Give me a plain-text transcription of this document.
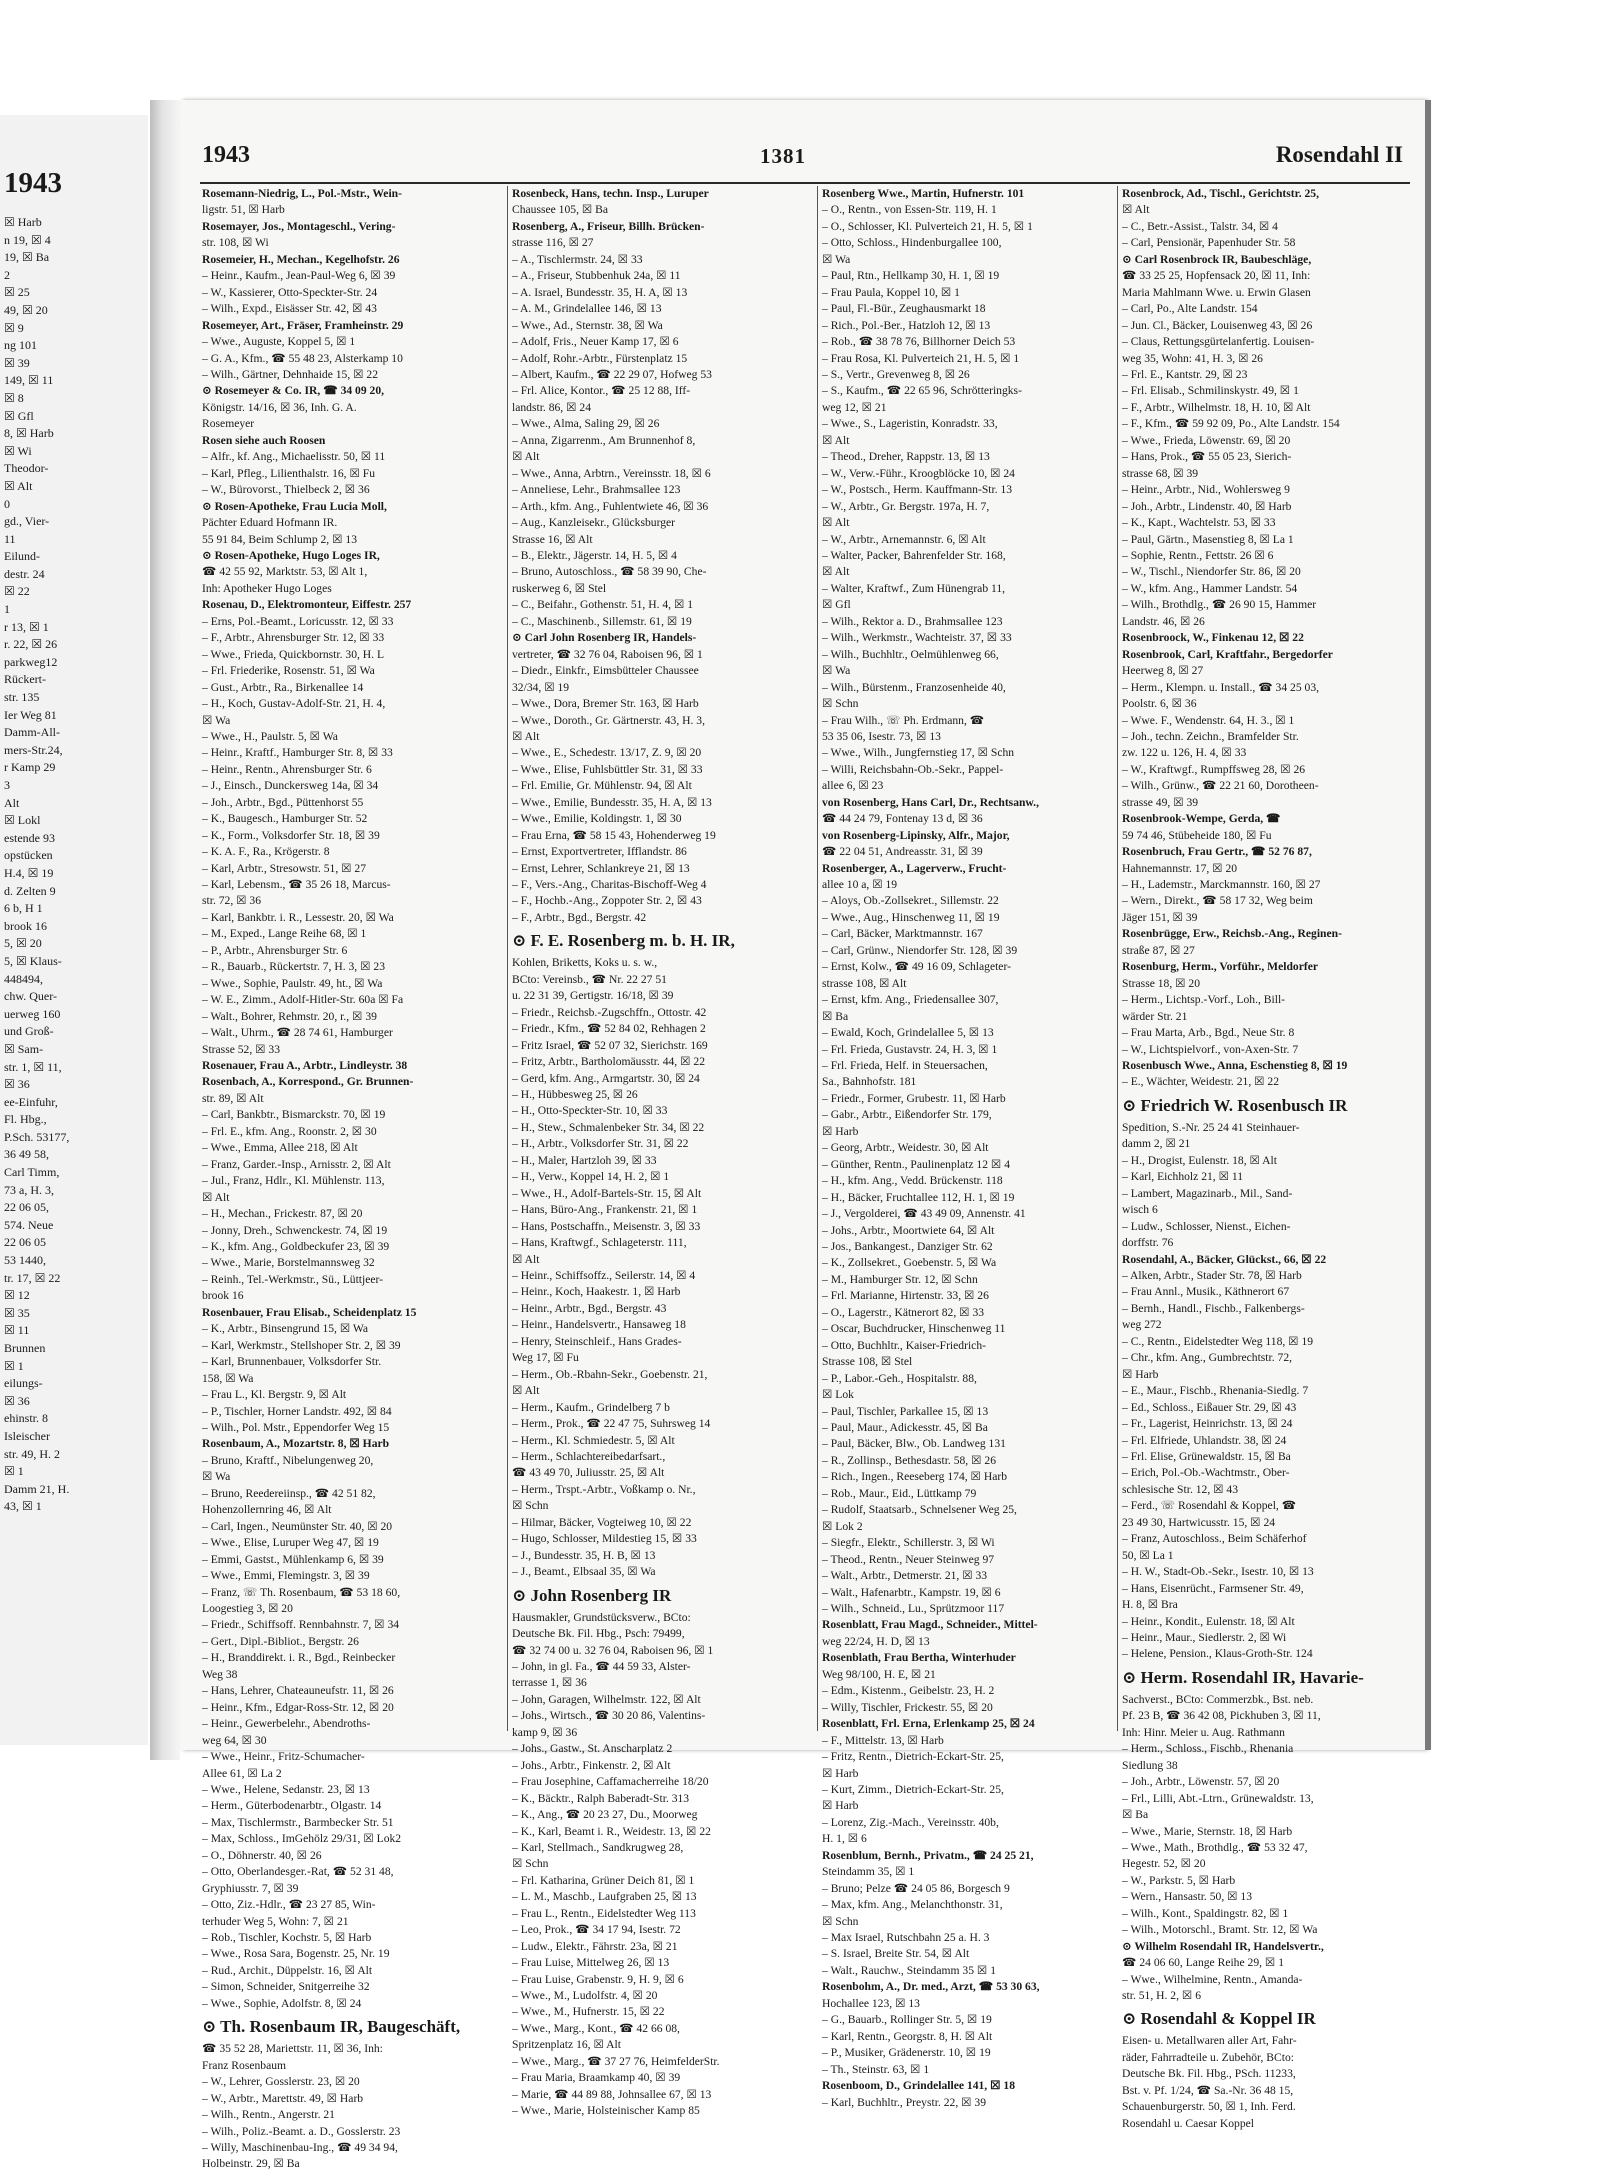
1943
☒ Harb
n 19, ☒ 4
19, ☒ Ba
2
☒ 25
49, ☒ 20
☒ 9
ng 101
☒ 39
149, ☒ 11
☒ 8
☒ Gfl
8, ☒ Harb
☒ Wi
Theodor-
☒ Alt
0
gd., Vier-
11
Eilund-
destr. 24
☒ 22
1
r 13, ☒ 1
r. 22, ☒ 26
parkweg12
Rückert-
str. 135
Ier Weg 81
Damm-All-
mers-Str.24,
r Kamp 29
3
Alt
☒ Lokl
estende 93
opstücken
H.4, ☒ 19
d. Zelten 9
6 b, H 1
brook 16
5, ☒ 20
5, ☒ Klaus-
448494,
chw. Quer-
uerweg 160
und Groß-
☒ Sam-
str. 1, ☒ 11,
☒ 36
ee-Einfuhr,
Fl. Hbg.,
P.Sch. 53177,
36 49 58,
Carl Timm,
73 a, H. 3,
22 06 05,
574. Neue
22 06 05
53 1440,
tr. 17, ☒ 22
☒ 12
☒ 35
☒ 11
Brunnen
☒ 1
eilungs-
☒ 36
ehinstr. 8
Isleischer
str. 49, H. 2
☒ 1
Damm 21, H.
43, ☒ 1
1943	1381	Rosendahl II
Rosemann-Niedrig, L., Pol.-Mstr., Wein-
ligstr. 51, ☒ Harb
Rosemayer, Jos., Montageschl., Vering-
str. 108, ☒ Wi
Rosemeier, H., Mechan., Kegelhofstr. 26
– Heinr., Kaufm., Jean-Paul-Weg 6, ☒ 39
– W., Kassierer, Otto-Speckter-Str. 24
– Wilh., Expd., Eisässer Str. 42, ☒ 43
Rosemeyer, Art., Fräser, Framheinstr. 29
– Wwe., Auguste, Koppel 5, ☒ 1
– G. A., Kfm., ☎ 55 48 23, Alsterkamp 10
– Wilh., Gärtner, Dehnhaide 15, ☒ 22
⊙ Rosemeyer & Co. IR, ☎ 34 09 20,
Königstr. 14/16, ☒ 36, Inh. G. A.
Rosemeyer
Rosen siehe auch Roosen
– Alfr., kf. Ang., Michaelisstr. 50, ☒ 11
– Karl, Pfleg., Lilienthalstr. 16, ☒ Fu
– W., Bürovorst., Thielbeck 2, ☒ 36
⊙ Rosen-Apotheke, Frau Lucia Moll,
Pächter Eduard Hofmann IR.
55 91 84, Beim Schlump 2, ☒ 13
⊙ Rosen-Apotheke, Hugo Loges IR,
☎ 42 55 92, Marktstr. 53, ☒ Alt 1,
Inh: Apotheker Hugo Loges
Rosenau, D., Elektromonteur, Eiffestr. 257
– Erns, Pol.-Beamt., Loricusstr. 12, ☒ 33
– F., Arbtr., Ahrensburger Str. 12, ☒ 33
– Wwe., Frieda, Quickbornstr. 30, H. L
– Frl. Friederike, Rosenstr. 51, ☒ Wa
– Gust., Arbtr., Ra., Birkenallee 14
– H., Koch, Gustav-Adolf-Str. 21, H. 4,
☒ Wa
– Wwe., H., Paulstr. 5, ☒ Wa
– Heinr., Kraftf., Hamburger Str. 8, ☒ 33
– Heinr., Rentn., Ahrensburger Str. 6
– J., Einsch., Dunckersweg 14a, ☒ 34
– Joh., Arbtr., Bgd., Püttenhorst 55
– K., Baugesch., Hamburger Str. 52
– K., Form., Volksdorfer Str. 18, ☒ 39
– K. A. F., Ra., Krögerstr. 8
– Karl, Arbtr., Stresowstr. 51, ☒ 27
– Karl, Lebensm., ☎ 35 26 18, Marcus-
str. 72, ☒ 36
– Karl, Bankbtr. i. R., Lessestr. 20, ☒ Wa
– M., Exped., Lange Reihe 68, ☒ 1
– P., Arbtr., Ahrensburger Str. 6
– R., Bauarb., Rückertstr. 7, H. 3, ☒ 23
– Wwe., Sophie, Paulstr. 49, ht., ☒ Wa
– W. E., Zimm., Adolf-Hitler-Str. 60a ☒ Fa
– Walt., Bohrer, Rehmstr. 20, r., ☒ 39
– Walt., Uhrm., ☎ 28 74 61, Hamburger
Strasse 52, ☒ 33
Rosenauer, Frau A., Arbtr., Lindleystr. 38
Rosenbach, A., Korrespond., Gr. Brunnen-
str. 89, ☒ Alt
– Carl, Bankbtr., Bismarckstr. 70, ☒ 19
– Frl. E., kfm. Ang., Roonstr. 2, ☒ 30
– Wwe., Emma, Allee 218, ☒ Alt
– Franz, Garder.-Insp., Arnisstr. 2, ☒ Alt
– Jul., Franz, Hdlr., Kl. Mühlenstr. 113,
☒ Alt
– H., Mechan., Frickestr. 87, ☒ 20
– Jonny, Dreh., Schwenckestr. 74, ☒ 19
– K., kfm. Ang., Goldbeckufer 23, ☒ 39
– Wwe., Marie, Borstelmannsweg 32
– Reinh., Tel.-Werkmstr., Sü., Lüttjeer-
brook 16
Rosenbauer, Frau Elisab., Scheidenplatz 15
– K., Arbtr., Binsengrund 15, ☒ Wa
– Karl, Werkmstr., Stellshoper Str. 2, ☒ 39
– Karl, Brunnenbauer, Volksdorfer Str.
158, ☒ Wa
– Frau L., Kl. Bergstr. 9, ☒ Alt
– P., Tischler, Horner Landstr. 492, ☒ 84
– Wilh., Pol. Mstr., Eppendorfer Weg 15
Rosenbaum, A., Mozartstr. 8, ☒ Harb
– Bruno, Kraftf., Nibelungenweg 20,
☒ Wa
– Bruno, Reedereiinsp., ☎ 42 51 82,
Hohenzollernring 46, ☒ Alt
– Carl, Ingen., Neumünster Str. 40, ☒ 20
– Wwe., Elise, Luruper Weg 47, ☒ 19
– Emmi, Gastst., Mühlenkamp 6, ☒ 39
– Wwe., Emmi, Flemingstr. 3, ☒ 39
– Franz, ☏ Th. Rosenbaum, ☎ 53 18 60,
Loogestieg 3, ☒ 20
– Friedr., Schiffsoff. Rennbahnstr. 7, ☒ 34
– Gert., Dipl.-Bibliot., Bergstr. 26
– H., Branddirekt. i. R., Bgd., Reinbecker
Weg 38
– Hans, Lehrer, Chateauneufstr. 11, ☒ 26
– Heinr., Kfm., Edgar-Ross-Str. 12, ☒ 20
– Heinr., Gewerbelehr., Abendroths-
weg 64, ☒ 30
– Wwe., Heinr., Fritz-Schumacher-
Allee 61, ☒ La 2
– Wwe., Helene, Sedanstr. 23, ☒ 13
– Herm., Güterbodenarbtr., Olgastr. 14
– Max, Tischlermstr., Barmbecker Str. 51
– Max, Schloss., ImGehölz 29/31, ☒ Lok2
– O., Döhnerstr. 40, ☒ 26
– Otto, Oberlandesger.-Rat, ☎ 52 31 48,
Gryphiusstr. 7, ☒ 39
– Otto, Ziz.-Hdlr., ☎ 23 27 85, Win-
terhuder Weg 5, Wohn: 7, ☒ 21
– Rob., Tischler, Kochstr. 5, ☒ Harb
– Wwe., Rosa Sara, Bogenstr. 25, Nr. 19
– Rud., Archit., Düppelstr. 16, ☒ Alt
– Simon, Schneider, Snitgerreihe 32
– Wwe., Sophie, Adolfstr. 8, ☒ 24
⊙ Th. Rosenbaum IR, Baugeschäft,
☎ 35 52 28, Mariettstr. 11, ☒ 36, Inh:
Franz Rosenbaum
– W., Lehrer, Gosslerstr. 23, ☒ 20
– W., Arbtr., Marettstr. 49, ☒ Harb
– Wilh., Rentn., Angerstr. 21
– Wilh., Poliz.-Beamt. a. D., Gosslerstr. 23
– Willy, Maschinenbau-Ing., ☎ 49 34 94,
Holbeinstr. 29, ☒ Ba
Rosenbeck, Hans, techn. Insp., Luruper
Chaussee 105, ☒ Ba
Rosenberg, A., Friseur, Billh. Brücken-
strasse 116, ☒ 27
– A., Tischlermstr. 24, ☒ 33
– A., Friseur, Stubbenhuk 24a, ☒ 11
– A. Israel, Bundesstr. 35, H. A, ☒ 13
– A. M., Grindelallee 146, ☒ 13
– Wwe., Ad., Sternstr. 38, ☒ Wa
– Adolf, Fris., Neuer Kamp 17, ☒ 6
– Adolf, Rohr.-Arbtr., Fürstenplatz 15
– Albert, Kaufm., ☎ 22 29 07, Hofweg 53
– Frl. Alice, Kontor., ☎ 25 12 88, Iff-
landstr. 86, ☒ 24
– Wwe., Alma, Saling 29, ☒ 26
– Anna, Zigarrenm., Am Brunnenhof 8,
☒ Alt
– Wwe., Anna, Arbtrn., Vereinsstr. 18, ☒ 6
– Anneliese, Lehr., Brahmsallee 123
– Arth., kfm. Ang., Fuhlentwiete 46, ☒ 36
– Aug., Kanzleisekr., Glücksburger
Strasse 16, ☒ Alt
– B., Elektr., Jägerstr. 14, H. 5, ☒ 4
– Bruno, Autoschloss., ☎ 58 39 90, Che-
ruskerweg 6, ☒ Stel
– C., Beifahr., Gothenstr. 51, H. 4, ☒ 1
– C., Maschinenb., Sillemstr. 61, ☒ 19
⊙ Carl John Rosenberg IR, Handels-
vertreter, ☎ 32 76 04, Raboisen 96, ☒ 1
– Diedr., Einkfr., Eimsbütteler Chaussee
32/34, ☒ 19
– Wwe., Dora, Bremer Str. 163, ☒ Harb
– Wwe., Doroth., Gr. Gärtnerstr. 43, H. 3,
☒ Alt
– Wwe., E., Schedestr. 13/17, Z. 9, ☒ 20
– Wwe., Elise, Fuhlsbüttler Str. 31, ☒ 33
– Frl. Emilie, Gr. Mühlenstr. 94, ☒ Alt
– Wwe., Emilie, Bundesstr. 35, H. A, ☒ 13
– Wwe., Emilie, Koldingstr. 1, ☒ 30
– Frau Erna, ☎ 58 15 43, Hohenderweg 19
– Ernst, Exportvertreter, Ifflandstr. 86
– Ernst, Lehrer, Schlankreye 21, ☒ 13
– F., Vers.-Ang., Charitas-Bischoff-Weg 4
– F., Hochb.-Ang., Zoppoter Str. 2, ☒ 43
– F., Arbtr., Bgd., Bergstr. 42
⊙ F. E. Rosenberg m. b. H. IR,
Kohlen, Briketts, Koks u. s. w.,
BCto: Vereinsb., ☎ Nr. 22 27 51
u. 22 31 39, Gertigstr. 16/18, ☒ 39
– Friedr., Reichsb.-Zugschffn., Ottostr. 42
– Friedr., Kfm., ☎ 52 84 02, Rehhagen 2
– Fritz Israel, ☎ 52 07 32, Sierichstr. 169
– Fritz, Arbtr., Bartholomäusstr. 44, ☒ 22
– Gerd, kfm. Ang., Armgartstr. 30, ☒ 24
– H., Hübbesweg 25, ☒ 26
– H., Otto-Speckter-Str. 10, ☒ 33
– H., Stew., Schmalenbeker Str. 34, ☒ 22
– H., Arbtr., Volksdorfer Str. 31, ☒ 22
– H., Maler, Hartzloh 39, ☒ 33
– H., Verw., Koppel 14, H. 2, ☒ 1
– Wwe., H., Adolf-Bartels-Str. 15, ☒ Alt
– Hans, Büro-Ang., Frankenstr. 21, ☒ 1
– Hans, Postschaffn., Meisenstr. 3, ☒ 33
– Hans, Kraftwgf., Schlageterstr. 111,
☒ Alt
– Heinr., Schiffsoffz., Seilerstr. 14, ☒ 4
– Heinr., Koch, Haakestr. 1, ☒ Harb
– Heinr., Arbtr., Bgd., Bergstr. 43
– Heinr., Handelsvertr., Hansaweg 18
– Henry, Steinschleif., Hans Grades-
Weg 17, ☒ Fu
– Herm., Ob.-Rbahn-Sekr., Goebenstr. 21,
☒ Alt
– Herm., Kaufm., Grindelberg 7 b
– Herm., Prok., ☎ 22 47 75, Suhrsweg 14
– Herm., Kl. Schmiedestr. 5, ☒ Alt
– Herm., Schlachtereibedarfsart.,
☎ 43 49 70, Juliusstr. 25, ☒ Alt
– Herm., Trspt.-Arbtr., Voßkamp o. Nr.,
☒ Schn
– Hilmar, Bäcker, Vogteiweg 10, ☒ 22
– Hugo, Schlosser, Mildestieg 15, ☒ 33
– J., Bundesstr. 35, H. B, ☒ 13
– J., Beamt., Elbsaal 35, ☒ Wa
⊙ John Rosenberg IR
Hausmakler, Grundstücksverw., BCto:
Deutsche Bk. Fil. Hbg., Psch: 79499,
☎ 32 74 00 u. 32 76 04, Raboisen 96, ☒ 1
– John, in gl. Fa., ☎ 44 59 33, Alster-
terrasse 1, ☒ 36
– John, Garagen, Wilhelmstr. 122, ☒ Alt
– Johs., Wirtsch., ☎ 30 20 86, Valentins-
kamp 9, ☒ 36
– Johs., Gastw., St. Anscharplatz 2
– Johs., Arbtr., Finkenstr. 2, ☒ Alt
– Frau Josephine, Caffamacherreihe 18/20
– K., Bäcktr., Ralph Baberadt-Str. 313
– K., Ang., ☎ 20 23 27, Du., Moorweg
– K., Karl, Beamt i. R., Weidestr. 13, ☒ 22
– Karl, Stellmach., Sandkrugweg 28,
☒ Schn
– Frl. Katharina, Grüner Deich 81, ☒ 1
– L. M., Maschb., Laufgraben 25, ☒ 13
– Frau L., Rentn., Eidelstedter Weg 113
– Leo, Prok., ☎ 34 17 94, Isestr. 72
– Ludw., Elektr., Fährstr. 23a, ☒ 21
– Frau Luise, Mittelweg 26, ☒ 13
– Frau Luise, Grabenstr. 9, H. 9, ☒ 6
– Wwe., M., Ludolfstr. 4, ☒ 20
– Wwe., M., Hufnerstr. 15, ☒ 22
– Wwe., Marg., Kont., ☎ 42 66 08,
Spritzenplatz 16, ☒ Alt
– Wwe., Marg., ☎ 37 27 76, HeimfelderStr.
– Frau Maria, Braamkamp 40, ☒ 39
– Marie, ☎ 44 89 88, Johnsallee 67, ☒ 13
– Wwe., Marie, Holsteinischer Kamp 85
Rosenberg Wwe., Martin, Hufnerstr. 101
– O., Rentn., von Essen-Str. 119, H. 1
– O., Schlosser, Kl. Pulverteich 21, H. 5, ☒ 1
– Otto, Schloss., Hindenburgallee 100,
☒ Wa
– Paul, Rtn., Hellkamp 30, H. 1, ☒ 19
– Frau Paula, Koppel 10, ☒ 1
– Paul, Fl.-Bür., Zeughausmarkt 18
– Rich., Pol.-Ber., Hatzloh 12, ☒ 13
– Rob., ☎ 38 78 76, Billhorner Deich 53
– Frau Rosa, Kl. Pulverteich 21, H. 5, ☒ 1
– S., Vertr., Grevenweg 8, ☒ 26
– S., Kaufm., ☎ 22 65 96, Schrötteringks-
weg 12, ☒ 21
– Wwe., S., Lageristin, Konradstr. 33,
☒ Alt
– Theod., Dreher, Rappstr. 13, ☒ 13
– W., Verw.-Führ., Kroogblöcke 10, ☒ 24
– W., Postsch., Herm. Kauffmann-Str. 13
– W., Arbtr., Gr. Bergstr. 197a, H. 7,
☒ Alt
– W., Arbtr., Arnemannstr. 6, ☒ Alt
– Walter, Packer, Bahrenfelder Str. 168,
☒ Alt
– Walter, Kraftwf., Zum Hünengrab 11,
☒ Gfl
– Wilh., Rektor a. D., Brahmsallee 123
– Wilh., Werkmstr., Wachteistr. 37, ☒ 33
– Wilh., Buchhltr., Oelmühlenweg 66,
☒ Wa
– Wilh., Bürstenm., Franzosenheide 40,
☒ Schn
– Frau Wilh., ☏ Ph. Erdmann, ☎
53 35 06, Isestr. 73, ☒ 13
– Wwe., Wilh., Jungfernstieg 17, ☒ Schn
– Willi, Reichsbahn-Ob.-Sekr., Pappel-
allee 6, ☒ 23
von Rosenberg, Hans Carl, Dr., Rechtsanw.,
☎ 44 24 79, Fontenay 13 d, ☒ 36
von Rosenberg-Lipinsky, Alfr., Major,
☎ 22 04 51, Andreasstr. 31, ☒ 39
Rosenberger, A., Lagerverw., Frucht-
allee 10 a, ☒ 19
– Aloys, Ob.-Zollsekret., Sillemstr. 22
– Wwe., Aug., Hinschenweg 11, ☒ 19
– Carl, Bäcker, Marktmannstr. 167
– Carl, Grünw., Niendorfer Str. 128, ☒ 39
– Ernst, Kolw., ☎ 49 16 09, Schlageter-
strasse 108, ☒ Alt
– Ernst, kfm. Ang., Friedensallee 307,
☒ Ba
– Ewald, Koch, Grindelallee 5, ☒ 13
– Frl. Frieda, Gustavstr. 24, H. 3, ☒ 1
– Frl. Frieda, Helf. in Steuersachen,
Sa., Bahnhofstr. 181
– Friedr., Former, Grubestr. 11, ☒ Harb
– Gabr., Arbtr., Eißendorfer Str. 179,
☒ Harb
– Georg, Arbtr., Weidestr. 30, ☒ Alt
– Günther, Rentn., Paulinenplatz 12 ☒ 4
– H., kfm. Ang., Vedd. Brückenstr. 118
– H., Bäcker, Fruchtallee 112, H. 1, ☒ 19
– J., Vergolderei, ☎ 43 49 09, Annenstr. 41
– Johs., Arbtr., Moortwiete 64, ☒ Alt
– Jos., Bankangest., Danziger Str. 62
– K., Zollsekret., Goebenstr. 5, ☒ Wa
– M., Hamburger Str. 12, ☒ Schn
– Frl. Marianne, Hirtenstr. 33, ☒ 26
– O., Lagerstr., Kätnerort 82, ☒ 33
– Oscar, Buchdrucker, Hinschenweg 11
– Otto, Buchhltr., Kaiser-Friedrich-
Strasse 108, ☒ Stel
– P., Labor.-Geh., Hospitalstr. 88,
☒ Lok
– Paul, Tischler, Parkallee 15, ☒ 13
– Paul, Maur., Adickesstr. 45, ☒ Ba
– Paul, Bäcker, Blw., Ob. Landweg 131
– R., Zollinsp., Bethesdastr. 58, ☒ 26
– Rich., Ingen., Reeseberg 174, ☒ Harb
– Rob., Maur., Eid., Lüttkamp 79
– Rudolf, Staatsarb., Schnelsener Weg 25,
☒ Lok 2
– Siegfr., Elektr., Schillerstr. 3, ☒ Wi
– Theod., Rentn., Neuer Steinweg 97
– Walt., Arbtr., Detmerstr. 21, ☒ 33
– Walt., Hafenarbtr., Kampstr. 19, ☒ 6
– Wilh., Schneid., Lu., Sprützmoor 117
Rosenblatt, Frau Magd., Schneider., Mittel-
weg 22/24, H. D, ☒ 13
Rosenblath, Frau Bertha, Winterhuder
Weg 98/100, H. E, ☒ 21
– Edm., Kistenm., Geibelstr. 23, H. 2
– Willy, Tischler, Frickestr. 55, ☒ 20
Rosenblatt, Frl. Erna, Erlenkamp 25, ☒ 24
– F., Mittelstr. 13, ☒ Harb
– Fritz, Rentn., Dietrich-Eckart-Str. 25,
☒ Harb
– Kurt, Zimm., Dietrich-Eckart-Str. 25,
☒ Harb
– Lorenz, Zig.-Mach., Vereinsstr. 40b,
H. 1, ☒ 6
Rosenblum, Bernh., Privatm., ☎ 24 25 21,
Steindamm 35, ☒ 1
– Bruno; Pelze ☎ 24 05 86, Borgesch 9
– Max, kfm. Ang., Melanchthonstr. 31,
☒ Schn
– Max Israel, Rutschbahn 25 a. H. 3
– S. Israel, Breite Str. 54, ☒ Alt
– Walt., Rauchw., Steindamm 35 ☒ 1
Rosenbohm, A., Dr. med., Arzt, ☎ 53 30 63,
Hochallee 123, ☒ 13
– G., Bauarb., Rollinger Str. 5, ☒ 19
– Karl, Rentn., Georgstr. 8, H. ☒ Alt
– P., Musiker, Grädenerstr. 10, ☒ 19
– Th., Steinstr. 63, ☒ 1
Rosenboom, D., Grindelallee 141, ☒ 18
– Karl, Buchhltr., Preystr. 22, ☒ 39
Rosenbrock, Ad., Tischl., Gerichtstr. 25,
☒ Alt
– C., Betr.-Assist., Talstr. 34, ☒ 4
– Carl, Pensionär, Papenhuder Str. 58
⊙ Carl Rosenbrock IR, Baubeschläge,
☎ 33 25 25, Hopfensack 20, ☒ 11, Inh:
Maria Mahlmann Wwe. u. Erwin Glasen
– Carl, Po., Alte Landstr. 154
– Jun. Cl., Bäcker, Louisenweg 43, ☒ 26
– Claus, Rettungsgürtelanfertig. Louisen-
weg 35, Wohn: 41, H. 3, ☒ 26
– Frl. E., Kantstr. 29, ☒ 23
– Frl. Elisab., Schmilinskystr. 49, ☒ 1
– F., Arbtr., Wilhelmstr. 18, H. 10, ☒ Alt
– F., Kfm., ☎ 59 92 09, Po., Alte Landstr. 154
– Wwe., Frieda, Löwenstr. 69, ☒ 20
– Hans, Prok., ☎ 55 05 23, Sierich-
strasse 68, ☒ 39
– Heinr., Arbtr., Nid., Wohlersweg 9
– Joh., Arbtr., Lindenstr. 40, ☒ Harb
– K., Kapt., Wachtelstr. 53, ☒ 33
– Paul, Gärtn., Masenstieg 8, ☒ La 1
– Sophie, Rentn., Fettstr. 26 ☒ 6
– W., Tischl., Niendorfer Str. 86, ☒ 20
– W., kfm. Ang., Hammer Landstr. 54
– Wilh., Brothdlg., ☎ 26 90 15, Hammer
Landstr. 46, ☒ 26
Rosenbroock, W., Finkenau 12, ☒ 22
Rosenbrook, Carl, Kraftfahr., Bergedorfer
Heerweg 8, ☒ 27
– Herm., Klempn. u. Install., ☎ 34 25 03,
Poolstr. 6, ☒ 36
– Wwe. F., Wendenstr. 64, H. 3., ☒ 1
– Joh., techn. Zeichn., Bramfelder Str.
zw. 122 u. 126, H. 4, ☒ 33
– W., Kraftwgf., Rumpffsweg 28, ☒ 26
– Wilh., Grünw., ☎ 22 21 60, Dorotheen-
strasse 49, ☒ 39
Rosenbrook-Wempe, Gerda, ☎
59 74 46, Stübeheide 180, ☒ Fu
Rosenbruch, Frau Gertr., ☎ 52 76 87,
Hahnemannstr. 17, ☒ 20
– H., Lademstr., Marckmannstr. 160, ☒ 27
– Wern., Direkt., ☎ 58 17 32, Weg beim
Jäger 151, ☒ 39
Rosenbrügge, Erw., Reichsb.-Ang., Reginen-
straße 87, ☒ 27
Rosenburg, Herm., Vorführ., Meldorfer
Strasse 18, ☒ 20
– Herm., Lichtsp.-Vorf., Loh., Bill-
wärder Str. 21
– Frau Marta, Arb., Bgd., Neue Str. 8
– W., Lichtspielvorf., von-Axen-Str. 7
Rosenbusch Wwe., Anna, Eschenstieg 8, ☒ 19
– E., Wächter, Weidestr. 21, ☒ 22
⊙ Friedrich W. Rosenbusch IR
Spedition, S.-Nr. 25 24 41 Steinhauer-
damm 2, ☒ 21
– H., Drogist, Eulenstr. 18, ☒ Alt
– Karl, Eichholz 21, ☒ 11
– Lambert, Magazinarb., Mil., Sand-
wisch 6
– Ludw., Schlosser, Nienst., Eichen-
dorffstr. 76
Rosendahl, A., Bäcker, Glückst., 66, ☒ 22
– Alken, Arbtr., Stader Str. 78, ☒ Harb
– Frau Annl., Musik., Käthnerort 67
– Bernh., Handl., Fischb., Falkenbergs-
weg 272
– C., Rentn., Eidelstedter Weg 118, ☒ 19
– Chr., kfm. Ang., Gumbrechtstr. 72,
☒ Harb
– E., Maur., Fischb., Rhenania-Siedlg. 7
– Ed., Schloss., Eißauer Str. 29, ☒ 43
– Fr., Lagerist, Heinrichstr. 13, ☒ 24
– Frl. Elfriede, Uhlandstr. 38, ☒ 24
– Frl. Elise, Grünewaldstr. 15, ☒ Ba
– Erich, Pol.-Ob.-Wachtmstr., Ober-
schlesische Str. 12, ☒ 43
– Ferd., ☏ Rosendahl & Koppel, ☎
23 49 30, Hartwicusstr. 15, ☒ 24
– Franz, Autoschloss., Beim Schäferhof
50, ☒ La 1
– H. W., Stadt-Ob.-Sekr., Isestr. 10, ☒ 13
– Hans, Eisenrücht., Farmsener Str. 49,
H. 8, ☒ Bra
– Heinr., Kondit., Eulenstr. 18, ☒ Alt
– Heinr., Maur., Siedlerstr. 2, ☒ Wi
– Helene, Pension., Klaus-Groth-Str. 124
⊙ Herm. Rosendahl IR, Havarie-
Sachverst., BCto: Commerzbk., Bst. neb.
Pf. 23 B, ☎ 36 42 08, Pickhuben 3, ☒ 11,
Inh: Hinr. Meier u. Aug. Rathmann
– Herm., Schloss., Fischb., Rhenania
Siedlung 38
– Joh., Arbtr., Löwenstr. 57, ☒ 20
– Frl., Lilli, Abt.-Ltrn., Grünewaldstr. 13,
☒ Ba
– Wwe., Marie, Sternstr. 18, ☒ Harb
– Wwe., Math., Brothdlg., ☎ 53 32 47,
Hegestr. 52, ☒ 20
– W., Parkstr. 5, ☒ Harb
– Wern., Hansastr. 50, ☒ 13
– Wilh., Kont., Spaldingstr. 82, ☒ 1
– Wilh., Motorschl., Bramt. Str. 12, ☒ Wa
⊙ Wilhelm Rosendahl IR, Handelsvertr.,
☎ 24 06 60, Lange Reihe 29, ☒ 1
– Wwe., Wilhelmine, Rentn., Amanda-
str. 51, H. 2, ☒ 6
⊙ Rosendahl & Koppel IR
Eisen- u. Metallwaren aller Art, Fahr-
räder, Fahrradteile u. Zubehör, BCto:
Deutsche Bk. Fil. Hbg., PSch. 11233,
Bst. v. Pf. 1/24, ☎ Sa.-Nr. 36 48 15,
Schauenburgerstr. 50, ☒ 1, Inh. Ferd.
Rosendahl u. Caesar Koppel
